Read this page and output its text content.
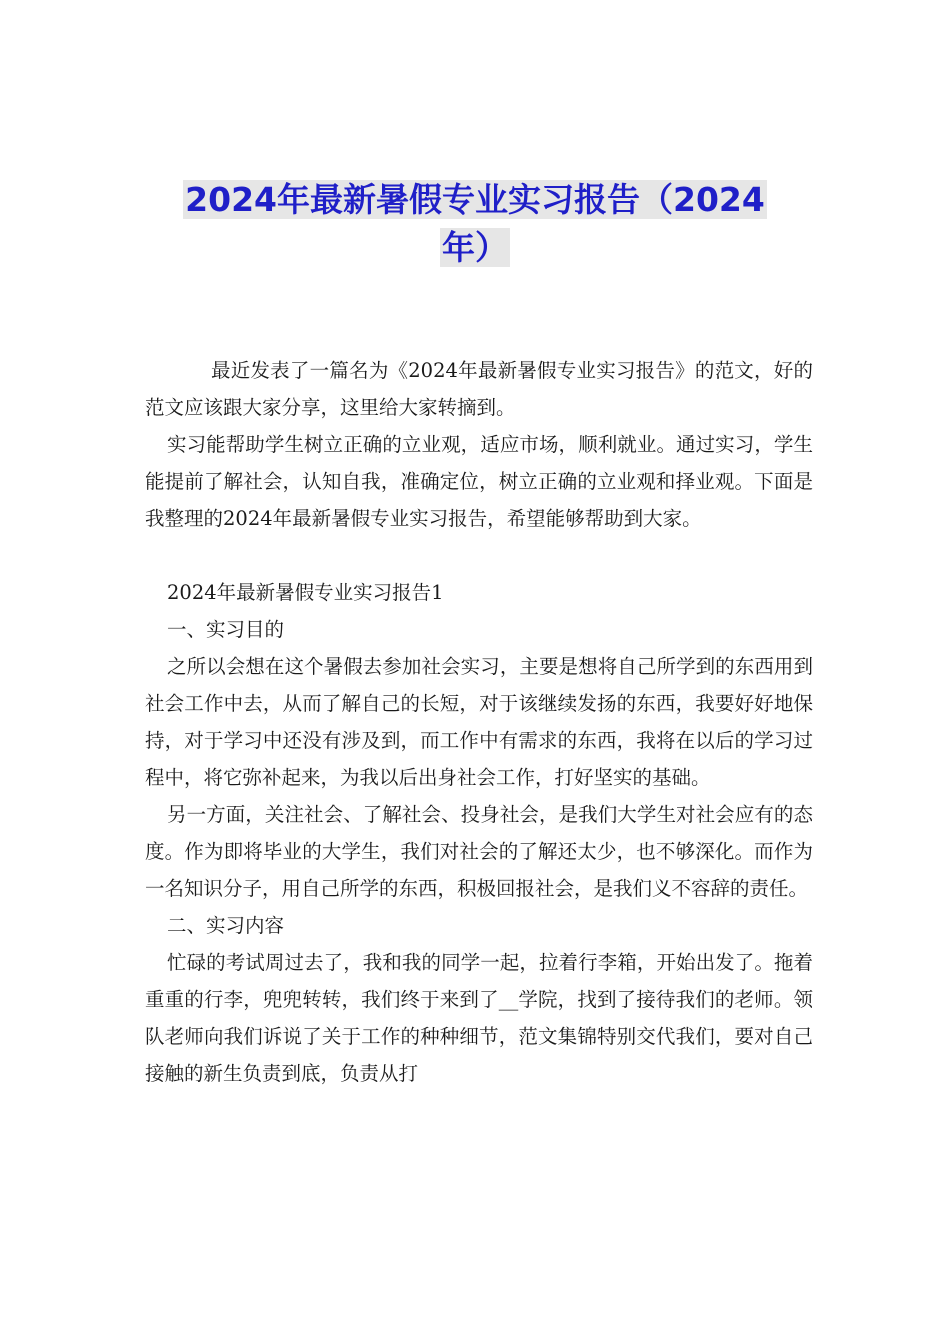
2024年最新暑假专业实习报告（2024
年）

最近发表了一篇名为《2024年最新暑假专业实习报告》的范文，好的范文应该跟大家分享，这里给大家转摘到。

实习能帮助学生树立正确的立业观，适应市场，顺利就业。通过实习，学生能提前了解社会，认知自我，准确定位，树立正确的立业观和择业观。下面是我整理的2024年最新暑假专业实习报告，希望能够帮助到大家。

2024年最新暑假专业实习报告1

一、实习目的

之所以会想在这个暑假去参加社会实习，主要是想将自己所学到的东西用到社会工作中去，从而了解自己的长短，对于该继续发扬的东西，我要好好地保持，对于学习中还没有涉及到，而工作中有需求的东西，我将在以后的学习过程中，将它弥补起来，为我以后出身社会工作，打好坚实的基础。

另一方面，关注社会、了解社会、投身社会，是我们大学生对社会应有的态度。作为即将毕业的大学生，我们对社会的了解还太少，也不够深化。而作为一名知识分子，用自己所学的东西，积极回报社会，是我们义不容辞的责任。

二、实习内容

忙碌的考试周过去了，我和我的同学一起，拉着行李箱，开始出发了。拖着重重的行李，兜兜转转，我们终于来到了__学院，找到了接待我们的老师。领队老师向我们诉说了关于工作的种种细节，范文集锦特别交代我们，要对自己接触的新生负责到底，负责从打
